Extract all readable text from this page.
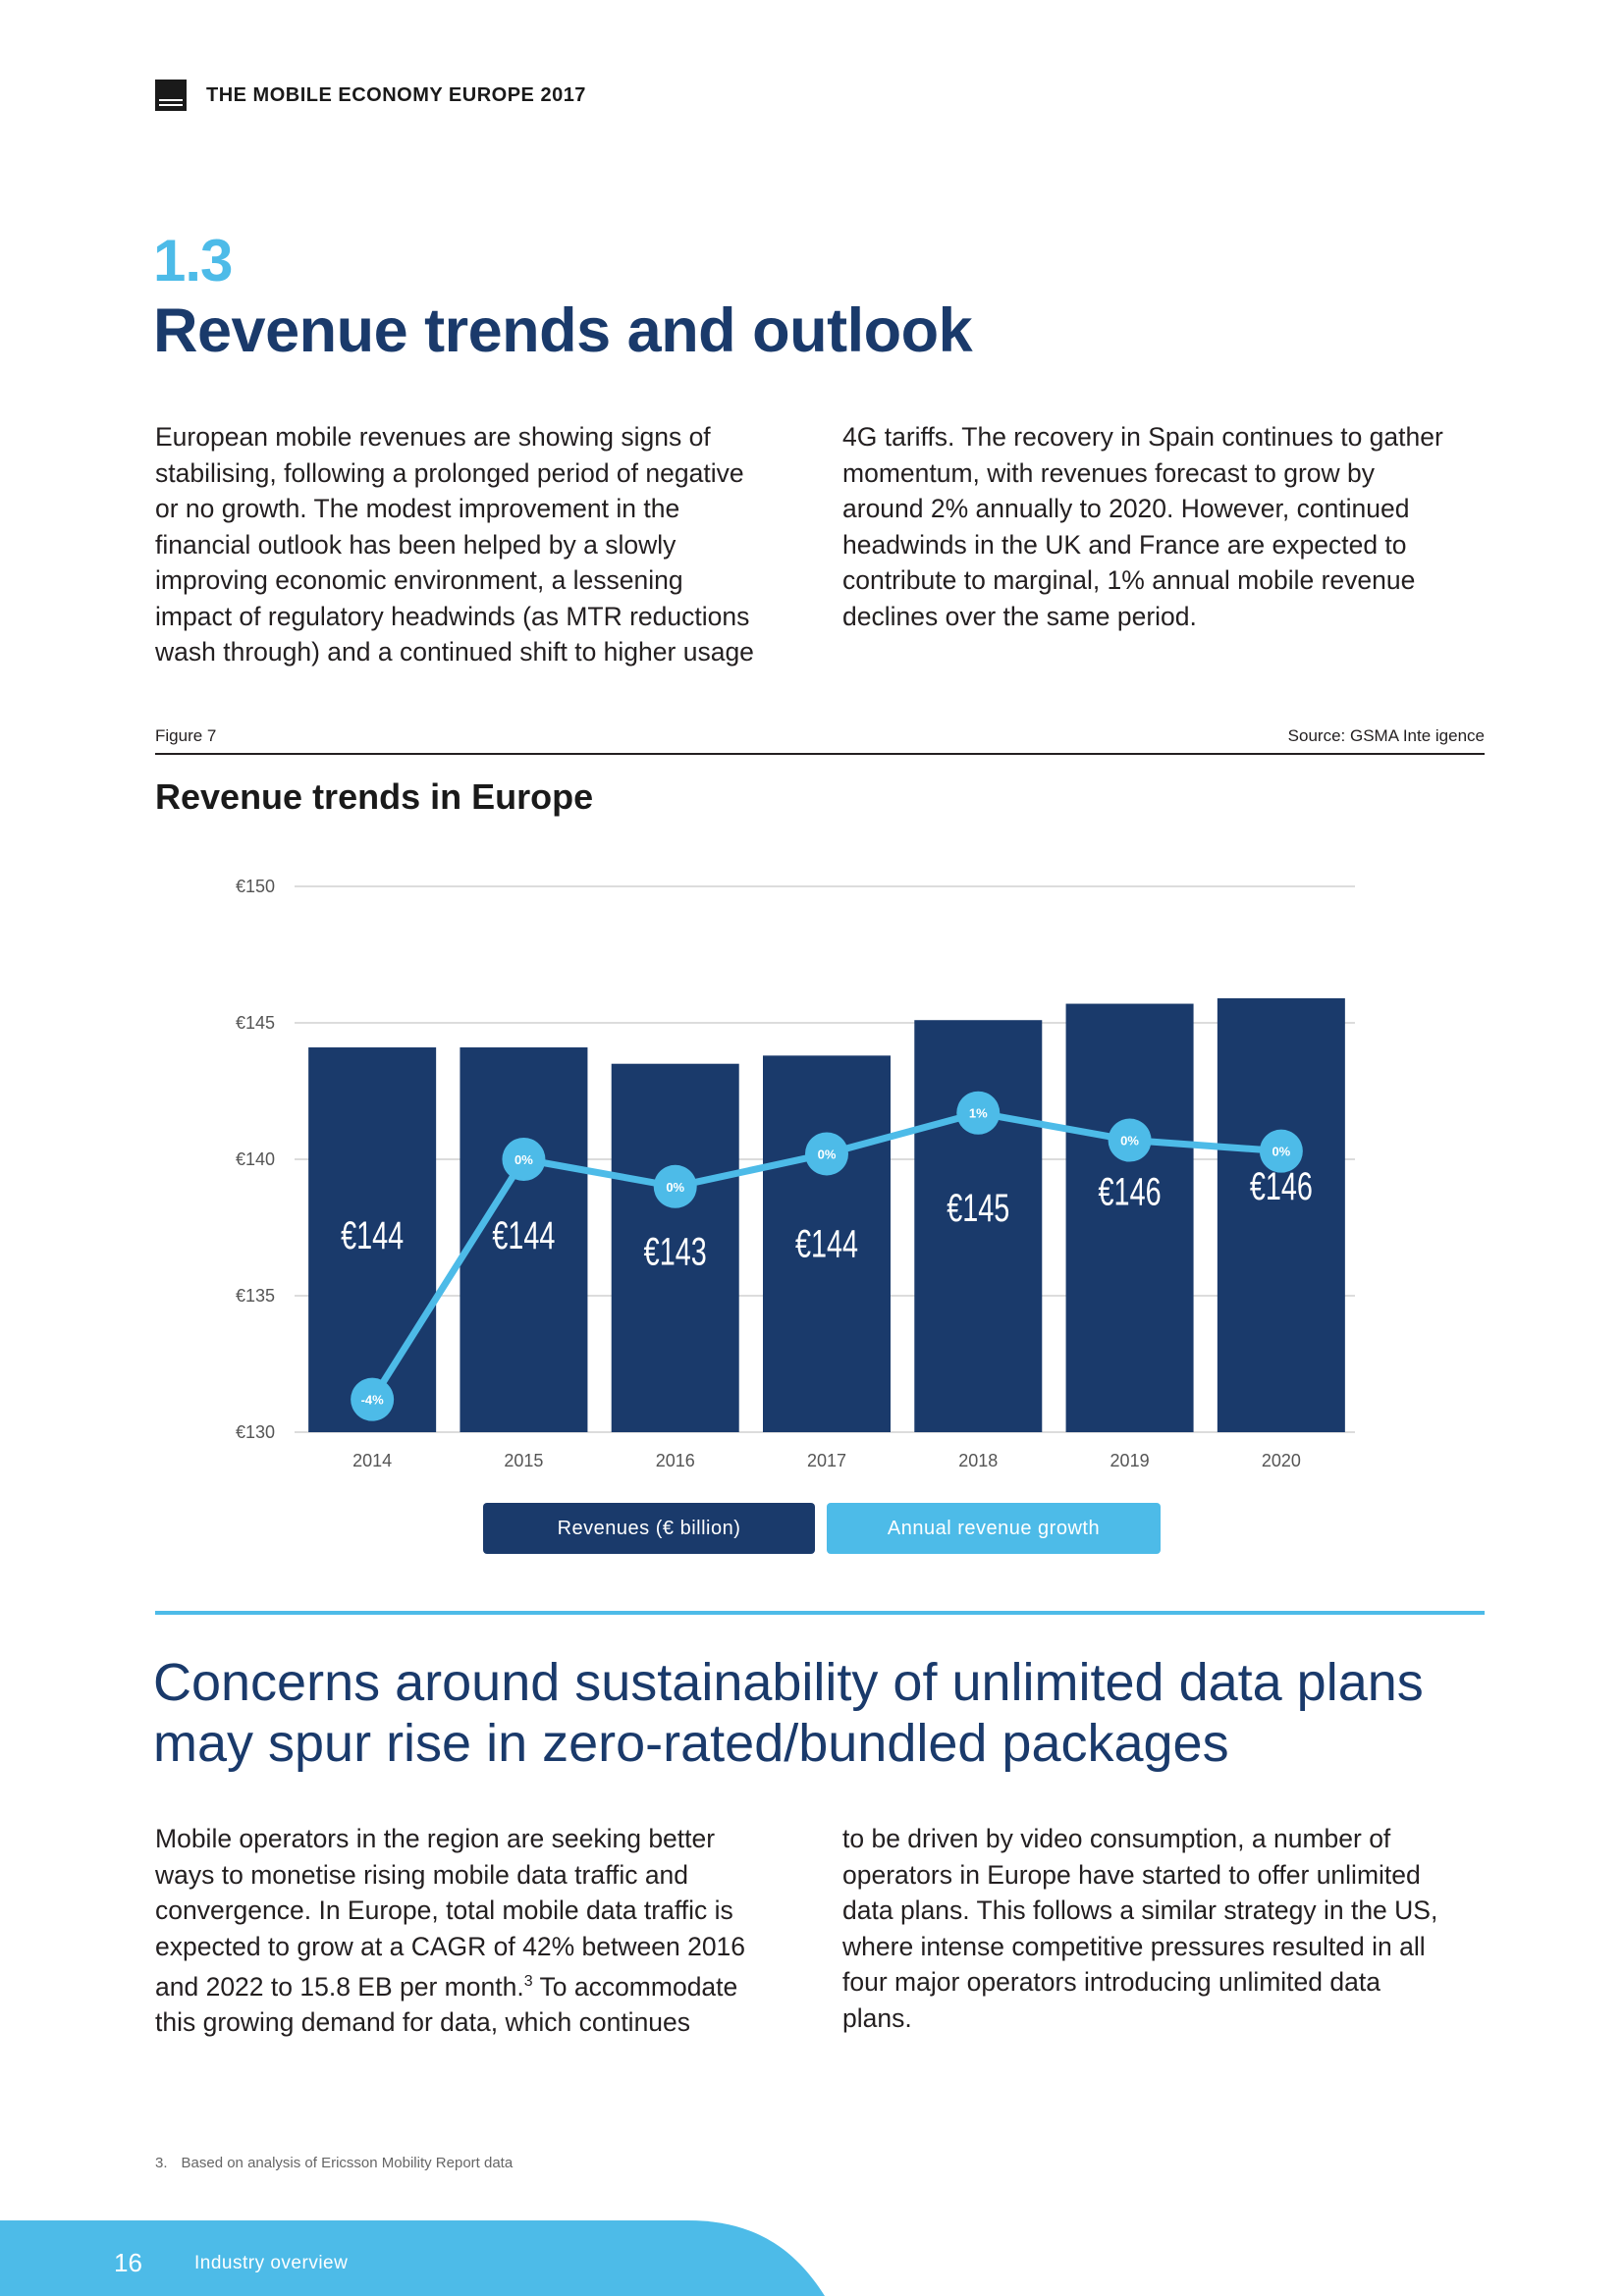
THE MOBILE ECONOMY EUROPE 2017
1.3
Revenue trends and outlook

European mobile revenues are showing signs of
stabilising, following a prolonged period of negative
or no growth. The modest improvement in the
financial outlook has been helped by a slowly
improving economic environment, a lessening
impact of regulatory headwinds (as MTR reductions
wash through) and a continued shift to higher usage

4G tariffs. The recovery in Spain continues to gather
momentum, with revenues forecast to grow by
around 2% annually to 2020. However, continued
headwinds in the UK and France are expected to
contribute to marginal, 1% annual mobile revenue
declines over the same period.

Figure 7	Source: GSMA Inte igence
Revenue trends in Europe
€130
€135
€140
€145
€150
-4%
0%
0%
0%
1%
0%
0%
€144
2014
€144
2015
€143
2016
€144
2017
€145
2018
€146
2019
€146
2020
Revenues (€ billion)	Annual revenue growth
Concerns around sustainability of unlimited data plans
may spur rise in zero-rated/bundled packages

Mobile operators in the region are seeking better
ways to monetise rising mobile data traffic and
convergence. In Europe, total mobile data traffic is
expected to grow at a CAGR of 42% between 2016
and 2022 to 15.8 EB per month.$^3$ To accommodate
this growing demand for data, which continues

to be driven by video consumption, a number of
operators in Europe have started to offer unlimited
data plans. This follows a similar strategy in the US,
where intense competitive pressures resulted in all
four major operators introducing unlimited data
plans.

3. Based on analysis of Ericsson Mobility Report data
16	Industry overview
